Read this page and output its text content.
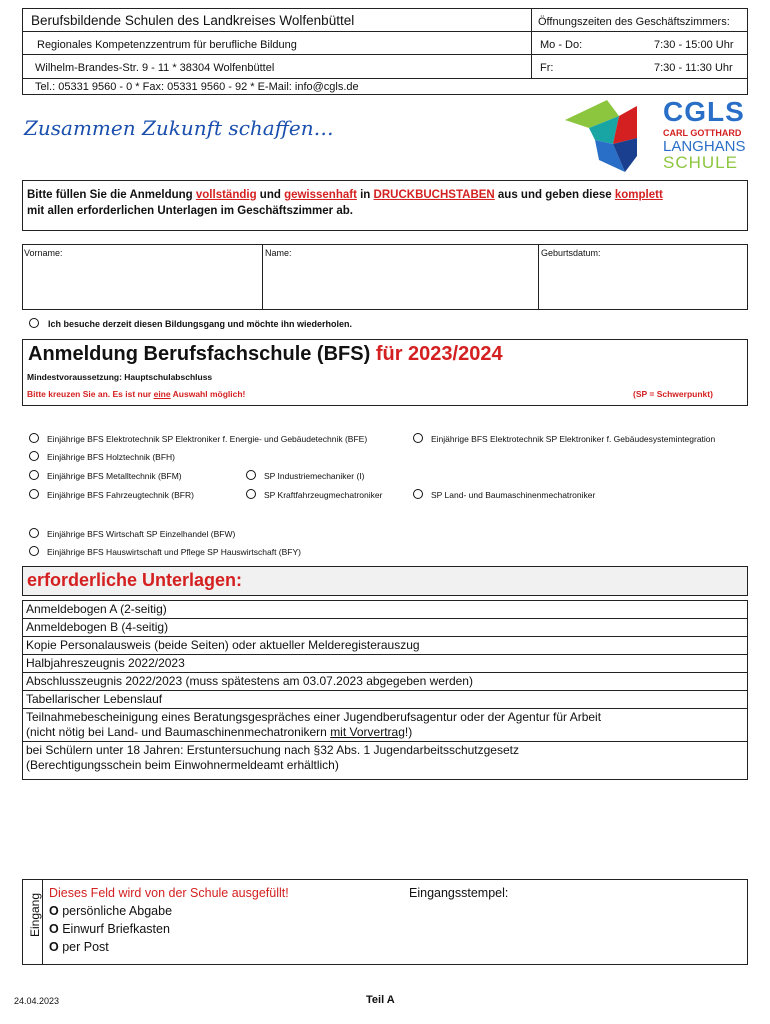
Berufsbildende Schulen des Landkreises Wolfenbüttel
Regionales Kompetenzzentrum für berufliche Bildung
Wilhelm-Brandes-Str. 9 - 11 * 38304 Wolfenbüttel
Tel.: 05331 9560 - 0 * Fax: 05331 9560 - 92 * E-Mail: info@cgls.de
Öffnungszeiten des Geschäftszimmers:
Mo - Do:	7:30 - 15:00 Uhr
Fr:	7:30 - 11:30 Uhr
Zusammen Zukunft schaffen…
CGLS
CARL GOTTHARD
LANGHANS
SCHULE
Bitte füllen Sie die Anmeldung vollständig und gewissenhaft in DRUCKBUCHSTABEN aus und geben diese komplett
mit allen erforderlichen Unterlagen im Geschäftszimmer ab.
Vorname:	Name:	Geburtsdatum:
Ich besuche derzeit diesen Bildungsgang und möchte ihn wiederholen.
Anmeldung Berufsfachschule (BFS) für 2023/2024
Mindestvoraussetzung: Hauptschulabschluss
Bitte kreuzen Sie an. Es ist nur eine Auswahl möglich!	(SP = Schwerpunkt)
Einjährige BFS Elektrotechnik SP Elektroniker f. Energie- und Gebäudetechnik (BFE)	Einjährige BFS Elektrotechnik SP Elektroniker f. Gebäudesystemintegration
Einjährige BFS Holztechnik (BFH)
Einjährige BFS Metalltechnik (BFM)	SP Industriemechaniker (I)
Einjährige BFS Fahrzeugtechnik (BFR)	SP Kraftfahrzeugmechatroniker	SP Land- und Baumaschinenmechatroniker
Einjährige BFS Wirtschaft SP Einzelhandel (BFW)
Einjährige BFS Hauswirtschaft und Pflege SP Hauswirtschaft (BFY)
erforderliche Unterlagen:
Anmeldebogen A (2-seitig)
Anmeldebogen B (4-seitig)
Kopie Personalausweis (beide Seiten) oder aktueller Melderegisterauszug
Halbjahreszeugnis 2022/2023
Abschlusszeugnis 2022/2023 (muss spätestens am 03.07.2023 abgegeben werden)
Tabellarischer Lebenslauf
Teilnahmebescheinigung eines Beratungsgespräches einer Jugendberufsagentur oder der Agentur für Arbeit
(nicht nötig bei Land- und Baumaschinenmechatronikern mit Vorvertrag!)
bei Schülern unter 18 Jahren: Erstuntersuchung nach §32 Abs. 1 Jugendarbeitsschutzgesetz
(Berechtigungsschein beim Einwohnermeldeamt erhältlich)
Eingang Dieses Feld wird von der Schule ausgefüllt!	Eingangsstempel:
O persönliche Abgabe
O Einwurf Briefkasten
O per Post
24.04.2023	Teil A
